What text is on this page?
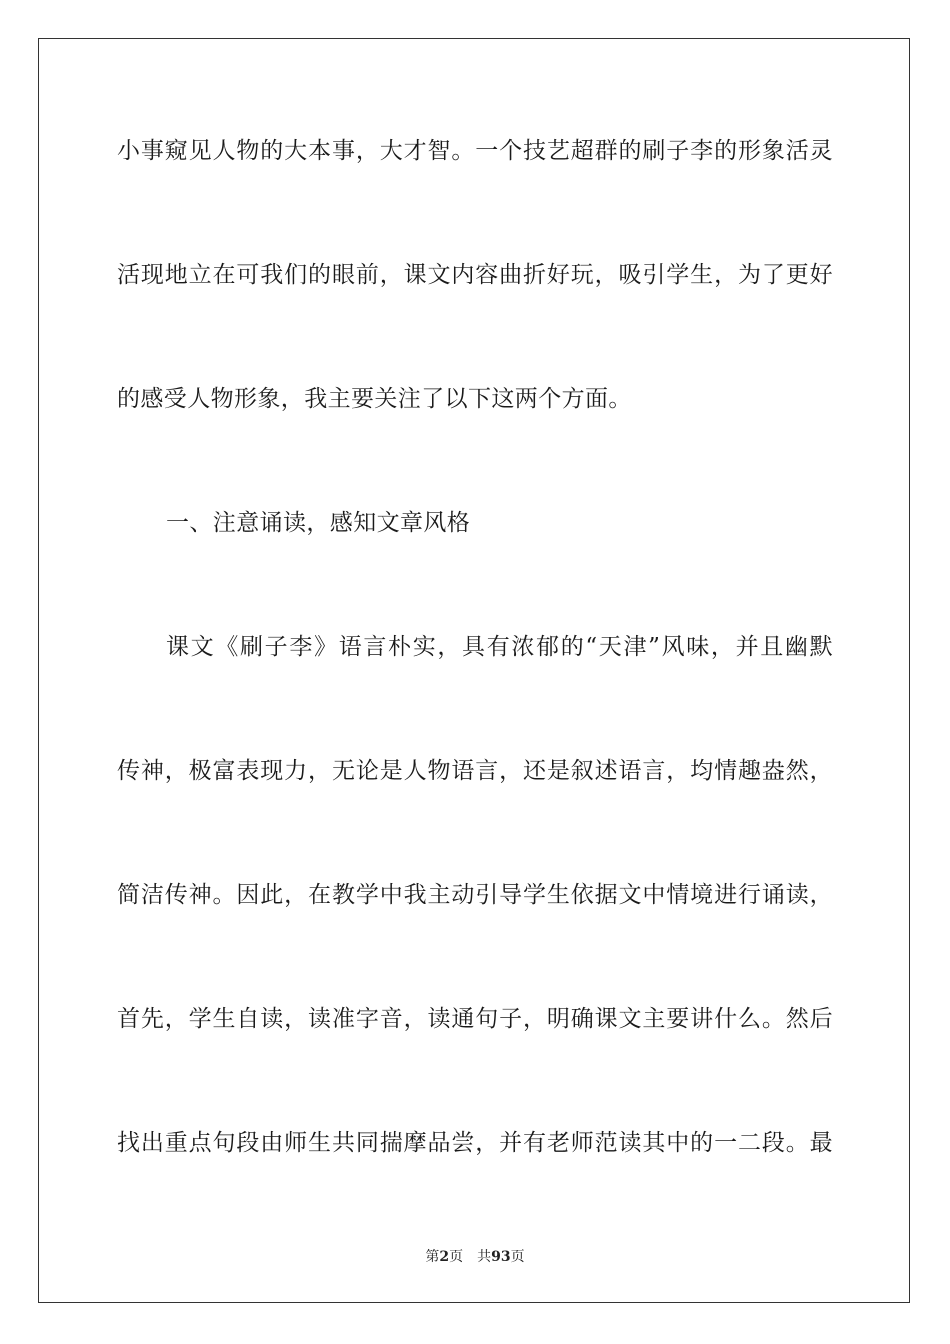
小事窥见人物的大本事，大才智。一个技艺超群的刷子李的形象活灵
活现地立在可我们的眼前，课文内容曲折好玩，吸引学生，为了更好
的感受人物形象，我主要关注了以下这两个方面。
一、注意诵读，感知文章风格
课文《刷子李》语言朴实，具有浓郁的“天津”风味，并且幽默
传神，极富表现力，无论是人物语言，还是叙述语言，均情趣盎然，
简洁传神。因此，在教学中我主动引导学生依据文中情境进行诵读，
首先，学生自读，读准字音，读通句子，明确课文主要讲什么。然后
找出重点句段由师生共同揣摩品尝，并有老师范读其中的一二段。最
第2页 共93页
